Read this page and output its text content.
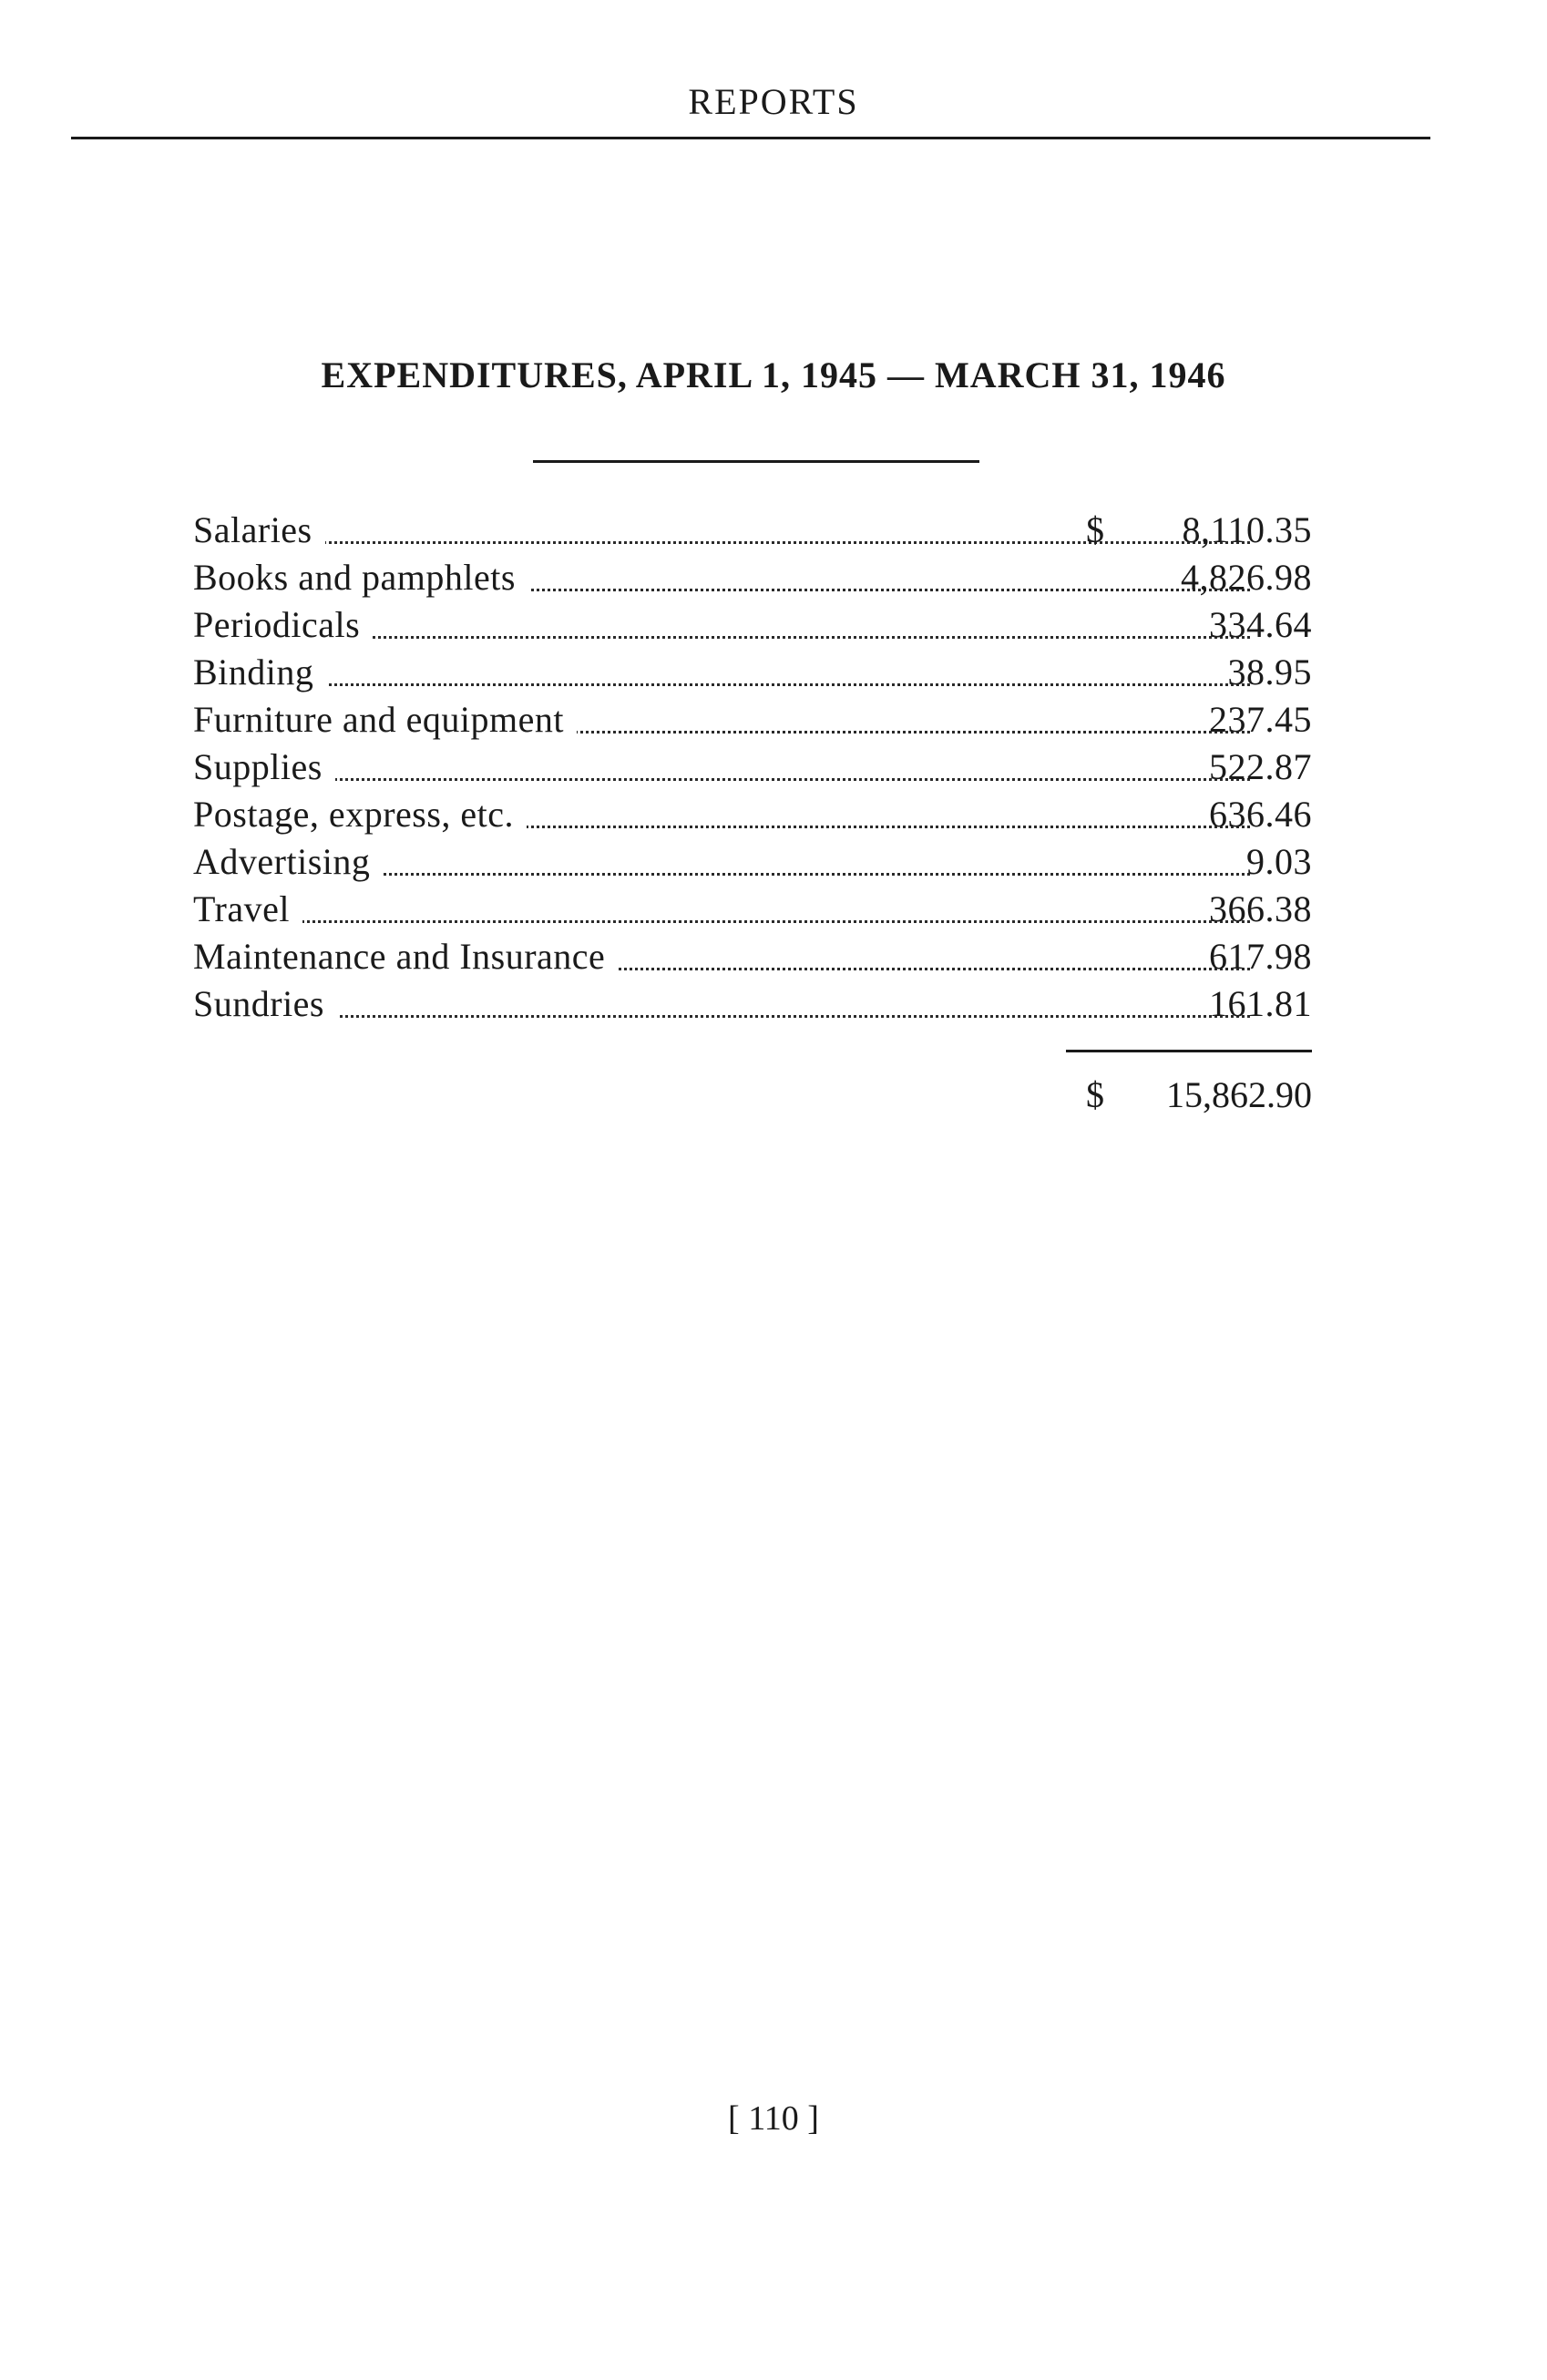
REPORTS
EXPENDITURES, APRIL 1, 1945 — MARCH 31, 1946
Salaries	$ 8,110.35
Books and pamphlets	4,826.98
Periodicals	334.64
Binding	38.95
Furniture and equipment	237.45
Supplies	522.87
Postage, express, etc.	636.46
Advertising	9.03
Travel	366.38
Maintenance and Insurance	617.98
Sundries	161.81
$ 15,862.90
[ 110 ]
